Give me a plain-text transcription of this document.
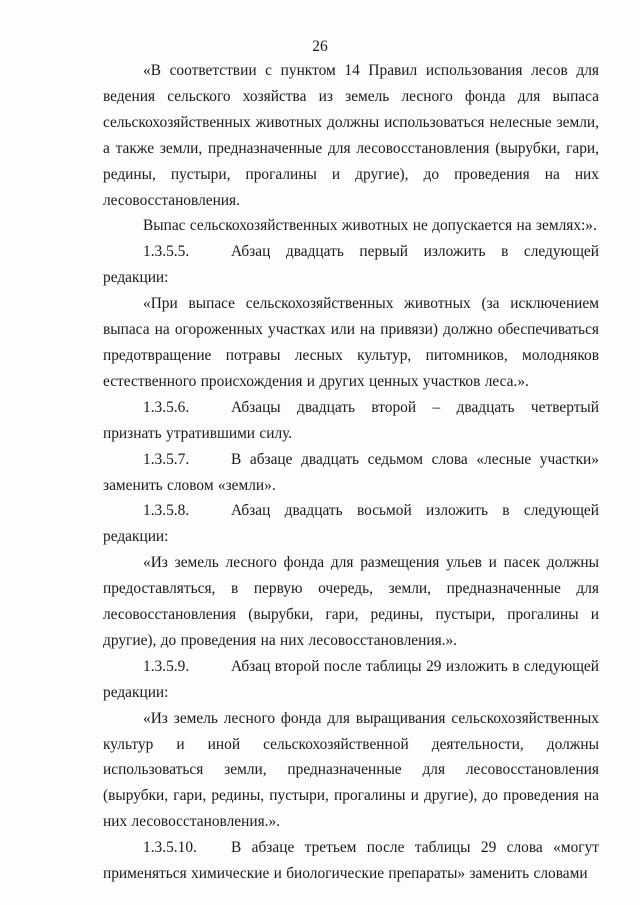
26

«В соответствии с пунктом 14 Правил использования лесов для ведения сельского хозяйства из земель лесного фонда для выпаса сельскохозяйственных животных должны использоваться нелесные земли, а также земли, предназначенные для лесовосстановления (вырубки, гари, редины, пустыри, прогалины и другие), до проведения на них лесовосстановления.

Выпас сельскохозяйственных животных не допускается на землях:».

1.3.5.5.	Абзац двадцать первый изложить в следующей редакции:

«При выпасе сельскохозяйственных животных (за исключением выпаса на огороженных участках или на привязи) должно обеспечиваться предотвращение потравы лесных культур, питомников, молодняков естественного происхождения и других ценных участков леса.».

1.3.5.6.	Абзацы двадцать второй – двадцать четвертый признать утратившими силу.

1.3.5.7.	В абзаце двадцать седьмом слова «лесные участки» заменить словом «земли».

1.3.5.8.	Абзац двадцать восьмой изложить в следующей редакции:

«Из земель лесного фонда для размещения ульев и пасек должны предоставляться, в первую очередь, земли, предназначенные для лесовосстановления (вырубки, гари, редины, пустыри, прогалины и другие), до проведения на них лесовосстановления.».

1.3.5.9.	Абзац второй после таблицы 29 изложить в следующей редакции:

«Из земель лесного фонда для выращивания сельскохозяйственных культур и иной сельскохозяйственной деятельности, должны использоваться земли, предназначенные для лесовосстановления (вырубки, гари, редины, пустыри, прогалины и другие), до проведения на них лесовосстановления.».

1.3.5.10. В абзаце третьем после таблицы 29 слова «могут применяться химические и биологические препараты» заменить словами
